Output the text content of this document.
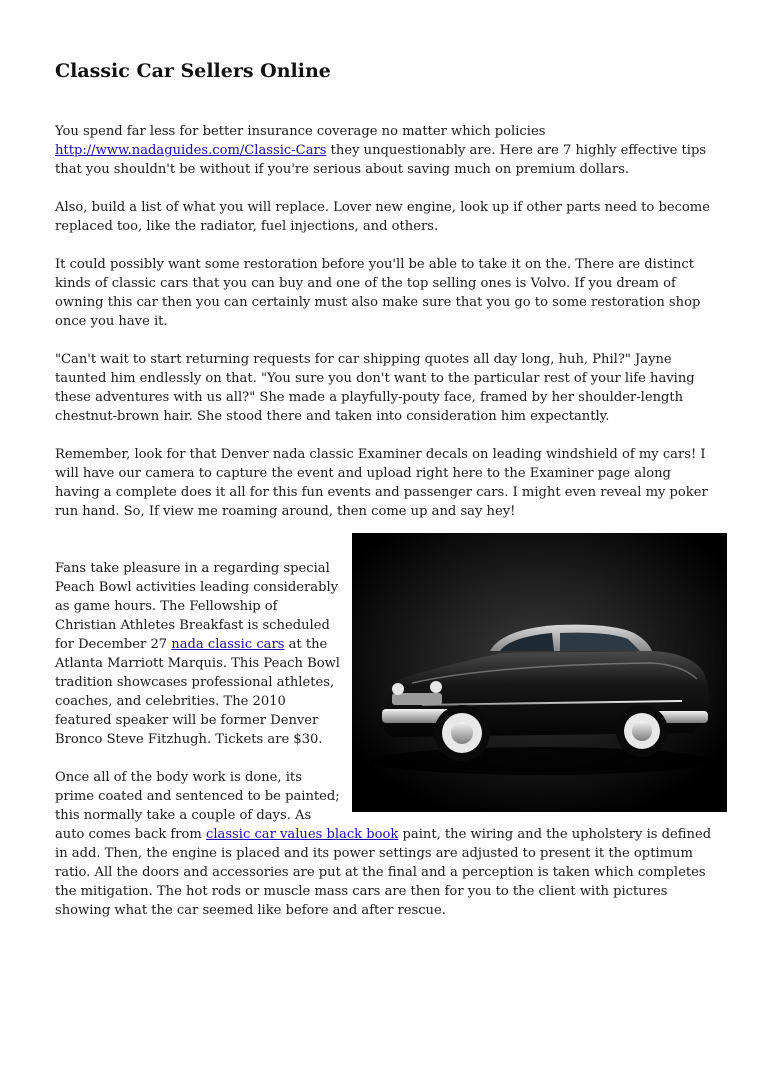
Classic Car Sellers Online

You spend far less for better insurance coverage no matter which policies
http://www.nadaguides.com/Classic-Cars they unquestionably are. Here are 7 highly effective tips that you shouldn't be without if you're serious about saving much on premium dollars.

Also, build a list of what you will replace. Lover new engine, look up if other parts need to become replaced too, like the radiator, fuel injections, and others.

It could possibly want some restoration before you'll be able to take it on the. There are distinct kinds of classic cars that you can buy and one of the top selling ones is Volvo. If you dream of owning this car then you can certainly must also make sure that you go to some restoration shop once you have it.

"Can't wait to start returning requests for car shipping quotes all day long, huh, Phil?" Jayne taunted him endlessly on that. "You sure you don't want to the particular rest of your life having these adventures with us all?" She made a playfully-pouty face, framed by her shoulder-length chestnut-brown hair. She stood there and taken into consideration him expectantly.

Remember, look for that Denver nada classic Examiner decals on leading windshield of my cars! I will have our camera to capture the event and upload right here to the Examiner page along having a complete does it all for this fun events and passenger cars. I might even reveal my poker run hand. So, If view me roaming around, then come up and say hey!

Fans take pleasure in a regarding special Peach Bowl activities leading considerably as game hours. The Fellowship of Christian Athletes Breakfast is scheduled for December 27 nada classic cars at the Atlanta Marriott Marquis. This Peach Bowl tradition showcases professional athletes, coaches, and celebrities. The 2010 featured speaker will be former Denver Bronco Steve Fitzhugh. Tickets are $30.

Once all of the body work is done, its prime coated and sentenced to be painted; this normally take a couple of days. As auto comes back from classic car values black book paint, the wiring and the upholstery is defined in add. Then, the engine is placed and its power settings are adjusted to present it the optimum ratio. All the doors and accessories are put at the final and a perception is taken which completes the mitigation. The hot rods or muscle mass cars are then for you to the client with pictures showing what the car seemed like before and after rescue.
